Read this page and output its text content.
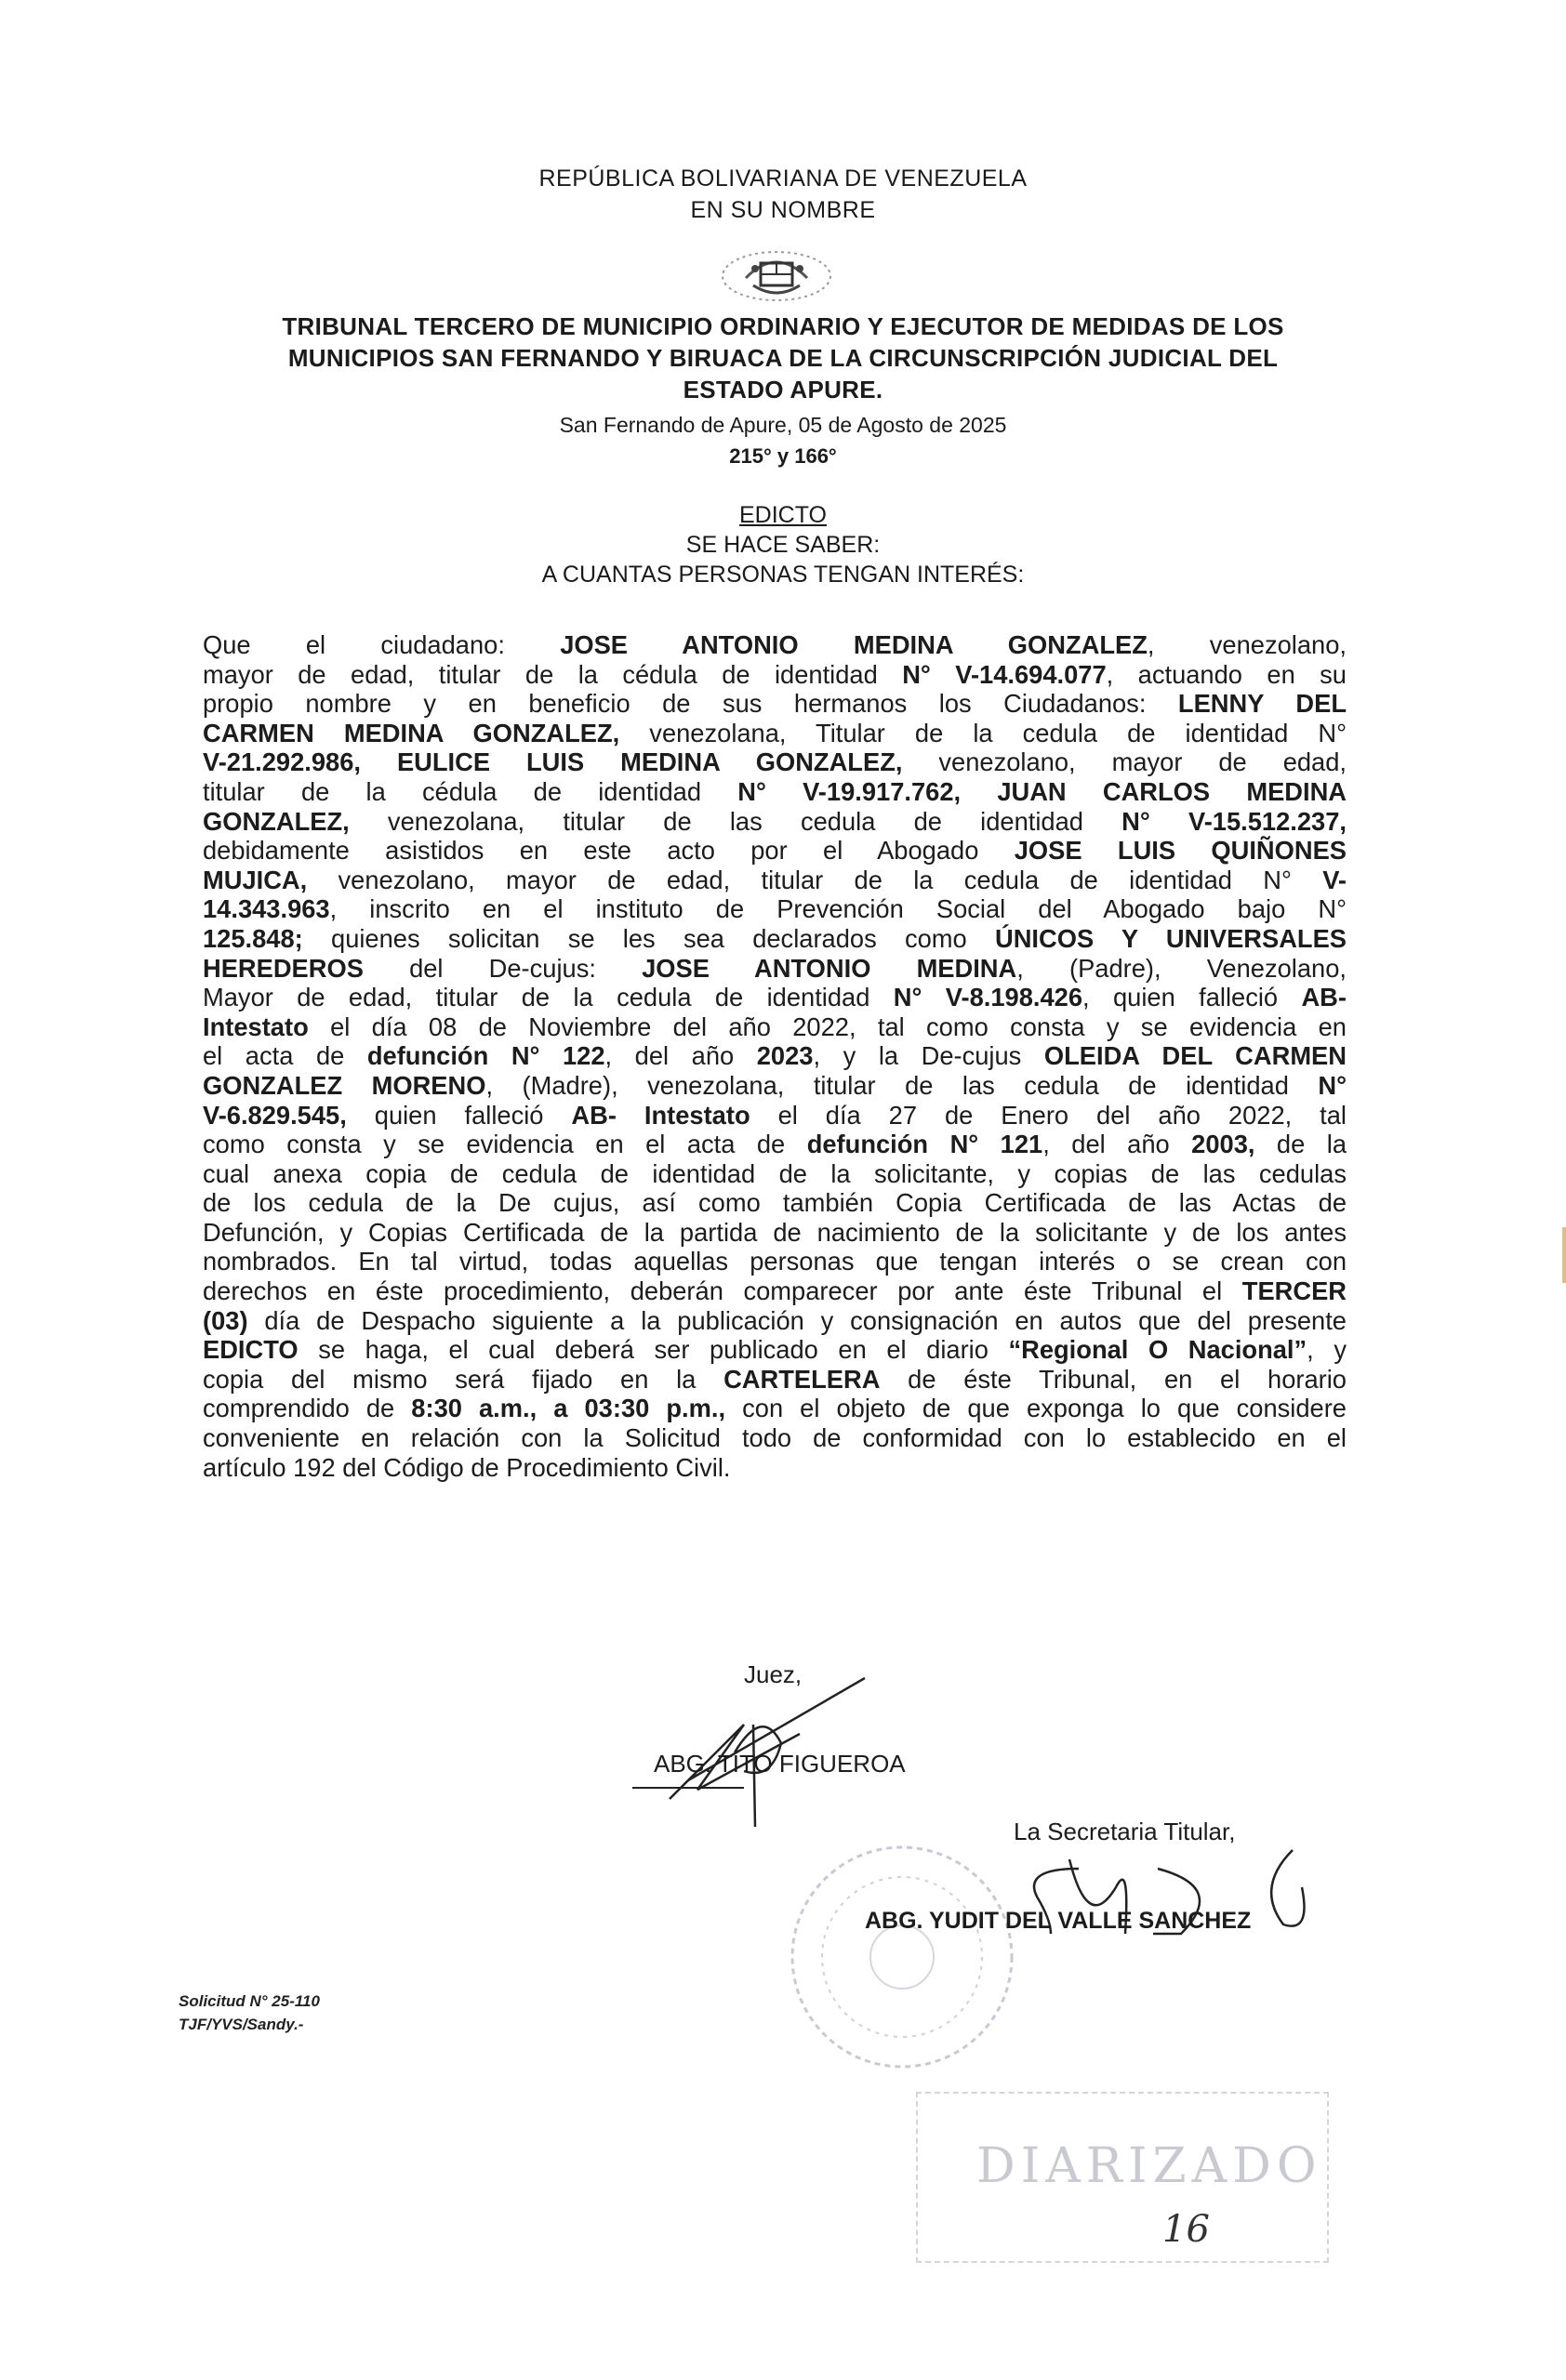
REPÚBLICA BOLIVARIANA DE VENEZUELA
EN SU NOMBRE
TRIBUNAL TERCERO DE MUNICIPIO ORDINARIO Y EJECUTOR DE MEDIDAS DE LOS
MUNICIPIOS SAN FERNANDO Y BIRUACA DE LA CIRCUNSCRIPCIÓN JUDICIAL DEL
ESTADO APURE.
San Fernando de Apure, 05 de Agosto de 2025
215° y 166°
EDICTO
SE HACE SABER:
A CUANTAS PERSONAS TENGAN INTERÉS:
Que el ciudadano: JOSE ANTONIO MEDINA GONZALEZ, venezolano,
mayor de edad, titular de la cédula de identidad N° V-14.694.077, actuando en su
propio nombre y en beneficio de sus hermanos los Ciudadanos: LENNY DEL
CARMEN MEDINA GONZALEZ, venezolana, Titular de la cedula de identidad N°
V-21.292.986, EULICE LUIS MEDINA GONZALEZ, venezolano, mayor de edad,
titular de la cédula de identidad N° V-19.917.762, JUAN CARLOS MEDINA
GONZALEZ, venezolana, titular de las cedula de identidad N° V-15.512.237,
debidamente asistidos en este acto por el Abogado JOSE LUIS QUIÑONES
MUJICA, venezolano, mayor de edad, titular de la cedula de identidad N° V-
14.343.963, inscrito en el instituto de Prevención Social del Abogado bajo N°
125.848; quienes solicitan se les sea declarados como ÚNICOS Y UNIVERSALES
HEREDEROS del De-cujus: JOSE ANTONIO MEDINA, (Padre), Venezolano,
Mayor de edad, titular de la cedula de identidad N° V-8.198.426, quien falleció AB-
Intestato el día 08 de Noviembre del año 2022, tal como consta y se evidencia en
el acta de defunción N° 122, del año 2023, y la De-cujus OLEIDA DEL CARMEN
GONZALEZ MORENO, (Madre), venezolana, titular de las cedula de identidad N°
V-6.829.545, quien falleció AB- Intestato el día 27 de Enero del año 2022, tal
como consta y se evidencia en el acta de defunción N° 121, del año 2003, de la
cual anexa copia de cedula de identidad de la solicitante, y copias de las cedulas
de los cedula de la De cujus, así como también Copia Certificada de las Actas de
Defunción, y Copias Certificada de la partida de nacimiento de la solicitante y de los antes
nombrados. En tal virtud, todas aquellas personas que tengan interés o se crean con
derechos en éste procedimiento, deberán comparecer por ante éste Tribunal el TERCER
(03) día de Despacho siguiente a la publicación y consignación en autos que del presente
EDICTO se haga, el cual deberá ser publicado en el diario “Regional O Nacional”, y
copia del mismo será fijado en la CARTELERA de éste Tribunal, en el horario
comprendido de 8:30 a.m., a 03:30 p.m., con el objeto de que exponga lo que considere
conveniente en relación con la Solicitud todo de conformidad con lo establecido en el
artículo 192 del Código de Procedimiento Civil.
Juez,
ABG. TITO FIGUEROA
La Secretaria Titular,
ABG. YUDIT DEL VALLE SANCHEZ
Solicitud N° 25-110
TJF/YVS/Sandy.-
DIARIZADO
16
